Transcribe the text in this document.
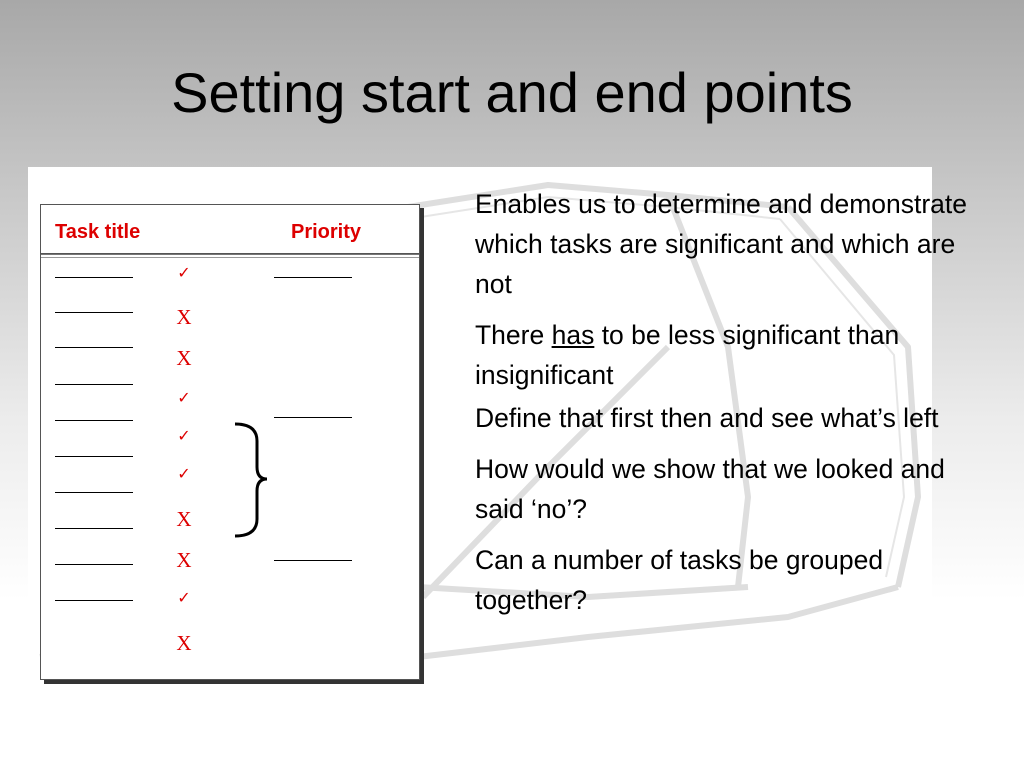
Setting start and end points
Task title	Priority
✓
X
X
✓
✓
✓
X
X
✓
X
Enables us to determine and demonstrate which tasks are significant and which are not
There has to be less significant than insignificant
Define that first then and see what’s left
How would we show that we looked and said ‘no’?
Can a number of tasks be grouped together?
